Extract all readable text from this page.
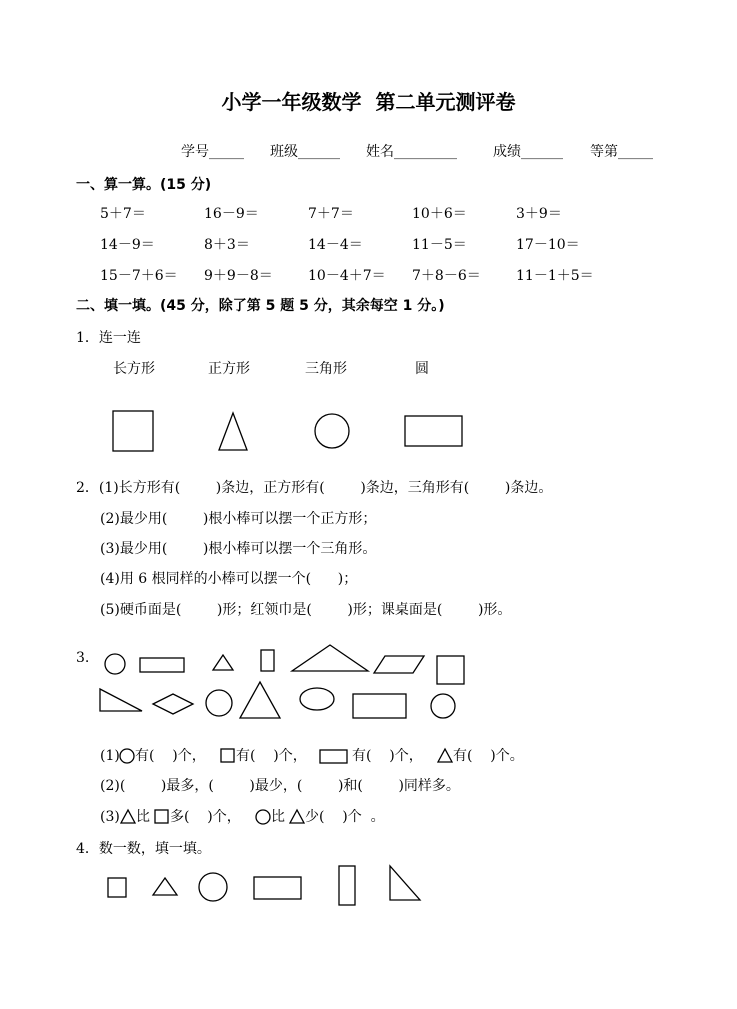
小学一年级数学  第二单元测评卷
学号_____ 班级______ 姓名_________	成绩______ 等第_____
一、算一算。(15 分)
5＋7＝	16－9＝	7＋7＝	10＋6＝	3＋9＝
14－9＝	8＋3＝	14－4＝	11－5＝	17－10＝
15－7＋6＝ 9＋9－8＝	10－4＋7＝ 7＋8－6＝	11－1＋5＝
二、填一填。(45 分，除了第 5 题 5 分，其余每空 1 分。)
1．连一连
长方形	正方形	三角形	圆
2．(1)长方形有(        )条边，正方形有(        )条边，三角形有(        )条边。
(2)最少用(        )根小棒可以摆一个正方形；
(3)最少用(        )根小棒可以摆一个三角形。
(4)用 6 根同样的小棒可以摆一个(      )；
(5)硬币面是(        )形；红领巾是(        )形；课桌面是(        )形。
3.
(1) 有(    )个， 有(    )个，	有(    )个， 有(    )个。
(2)(        )最多，(        )最少，(        )和(        )同样多。
(3) 比 多(    )个， 比 少(    )个  。
4．数一数，填一填。
